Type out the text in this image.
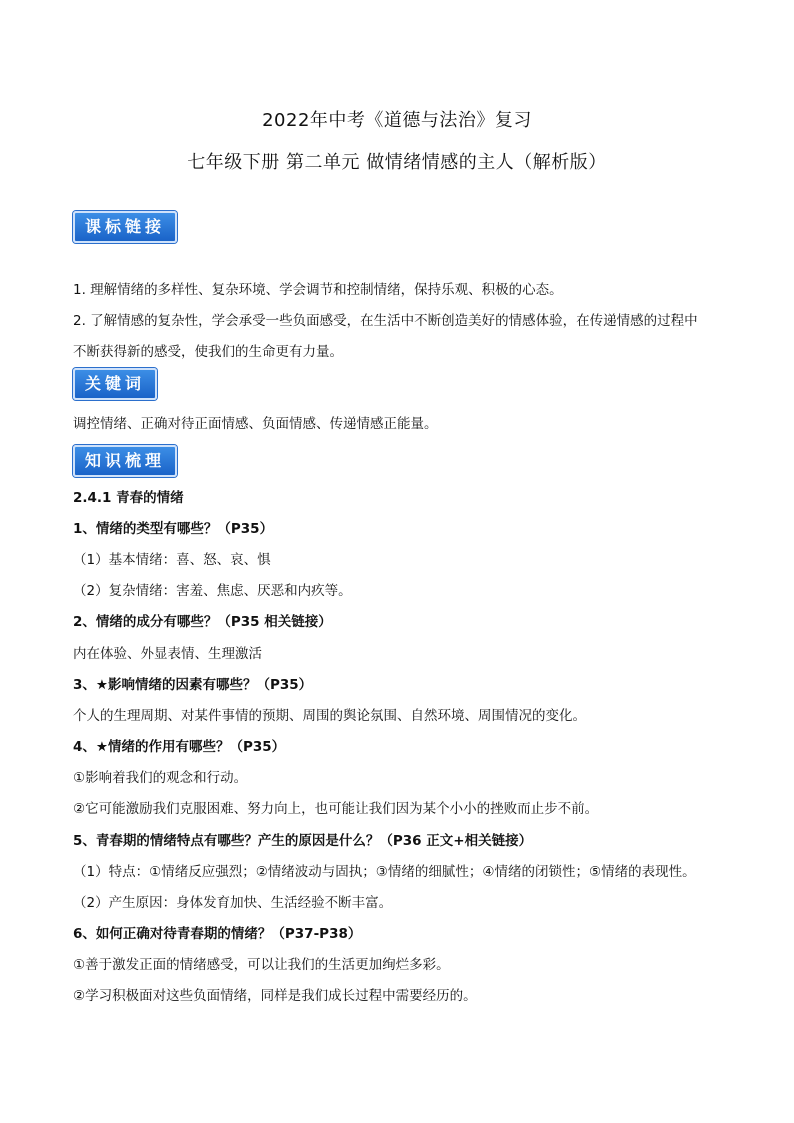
2022年中考《道德与法治》复习
七年级下册 第二单元 做情绪情感的主人（解析版）
课标链接
1. 理解情绪的多样性、复杂环境、学会调节和控制情绪，保持乐观、积极的心态。
2. 了解情感的复杂性，学会承受一些负面感受，在生活中不断创造美好的情感体验，在传递情感的过程中
不断获得新的感受，使我们的生命更有力量。
关键词
调控情绪、正确对待正面情感、负面情感、传递情感正能量。
知识梳理
2.4.1 青春的情绪
1、情绪的类型有哪些？（P35）
（1）基本情绪：喜、怒、哀、惧
（2）复杂情绪：害羞、焦虑、厌恶和内疚等。
2、情绪的成分有哪些？（P35 相关链接）
内在体验、外显表情、生理激活
3、★影响情绪的因素有哪些？（P35）
个人的生理周期、对某件事情的预期、周围的舆论氛围、自然环境、周围情况的变化。
4、★情绪的作用有哪些？（P35）
①影响着我们的观念和行动。
②它可能激励我们克服困难、努力向上，也可能让我们因为某个小小的挫败而止步不前。
5、青春期的情绪特点有哪些？产生的原因是什么？（P36 正文+相关链接）
（1）特点：①情绪反应强烈；②情绪波动与固执；③情绪的细腻性；④情绪的闭锁性；⑤情绪的表现性。
（2）产生原因：身体发育加快、生活经验不断丰富。
6、如何正确对待青春期的情绪？（P37-P38）
①善于激发正面的情绪感受，可以让我们的生活更加绚烂多彩。
②学习积极面对这些负面情绪，同样是我们成长过程中需要经历的。
